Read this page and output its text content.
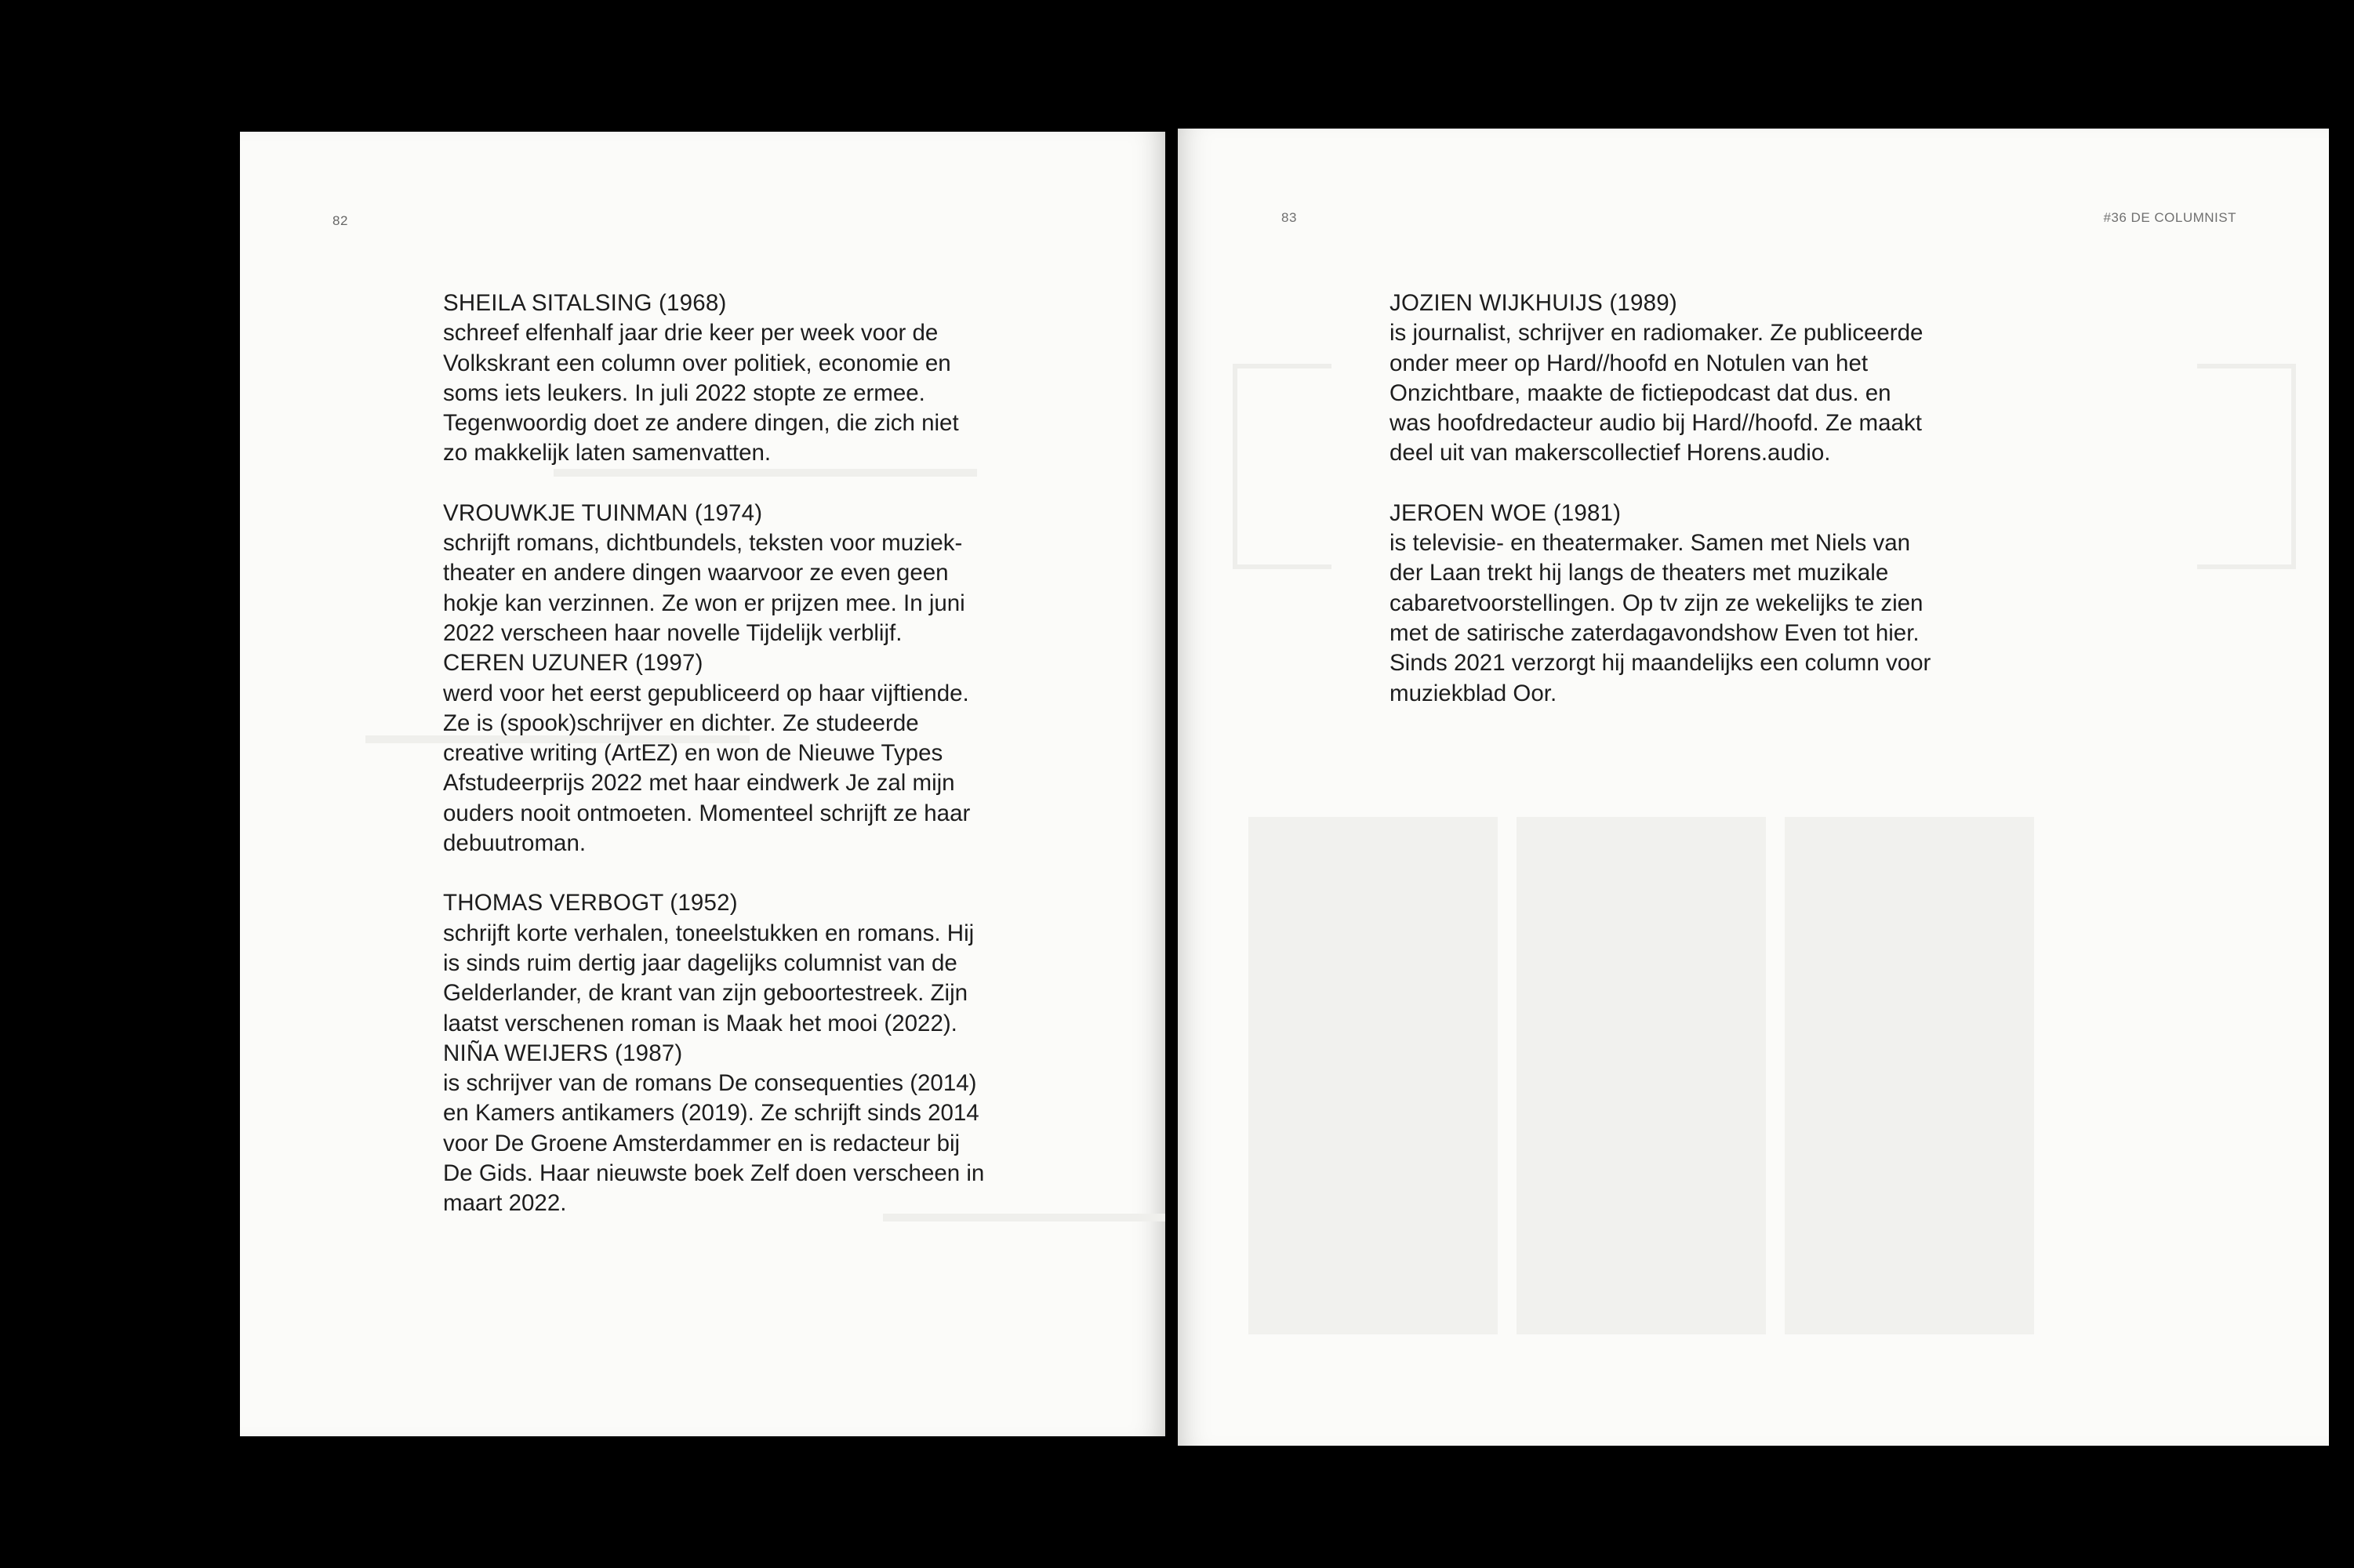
82
SHEILA SITALSING (1968)
schreef elfenhalf jaar drie keer per week voor de
Volkskrant een column over politiek, economie en
soms iets leukers. In juli 2022 stopte ze ermee.
Tegenwoordig doet ze andere dingen, die zich niet
zo makkelijk laten samenvatten.
VROUWKJE TUINMAN (1974)
schrijft romans, dichtbundels, teksten voor muziek-
theater en andere dingen waarvoor ze even geen
hokje kan verzinnen. Ze won er prijzen mee. In juni
2022 verscheen haar novelle Tijdelijk verblijf.
CEREN UZUNER (1997)
werd voor het eerst gepubliceerd op haar vijftiende.
Ze is (spook)schrijver en dichter. Ze studeerde
creative writing (ArtEZ) en won de Nieuwe Types
Afstudeerprijs 2022 met haar eindwerk Je zal mijn
ouders nooit ontmoeten. Momenteel schrijft ze haar
debuutroman.
THOMAS VERBOGT (1952)
schrijft korte verhalen, toneelstukken en romans. Hij
is sinds ruim dertig jaar dagelijks columnist van de
Gelderlander, de krant van zijn geboortestreek. Zijn
laatst verschenen roman is Maak het mooi (2022).
NIÑA WEIJERS (1987)
is schrijver van de romans De consequenties (2014)
en Kamers antikamers (2019). Ze schrijft sinds 2014
voor De Groene Amsterdammer en is redacteur bij
De Gids. Haar nieuwste boek Zelf doen verscheen in
maart 2022.
83	#36 DE COLUMNIST
JOZIEN WIJKHUIJS (1989)
is journalist, schrijver en radiomaker. Ze publiceerde
onder meer op Hard//hoofd en Notulen van het
Onzichtbare, maakte de fictiepodcast dat dus. en
was hoofdredacteur audio bij Hard//hoofd. Ze maakt
deel uit van makerscollectief Horens.audio.
JEROEN WOE (1981)
is televisie- en theatermaker. Samen met Niels van
der Laan trekt hij langs de theaters met muzikale
cabaretvoorstellingen. Op tv zijn ze wekelijks te zien
met de satirische zaterdagavondshow Even tot hier.
Sinds 2021 verzorgt hij maandelijks een column voor
muziekblad Oor.
